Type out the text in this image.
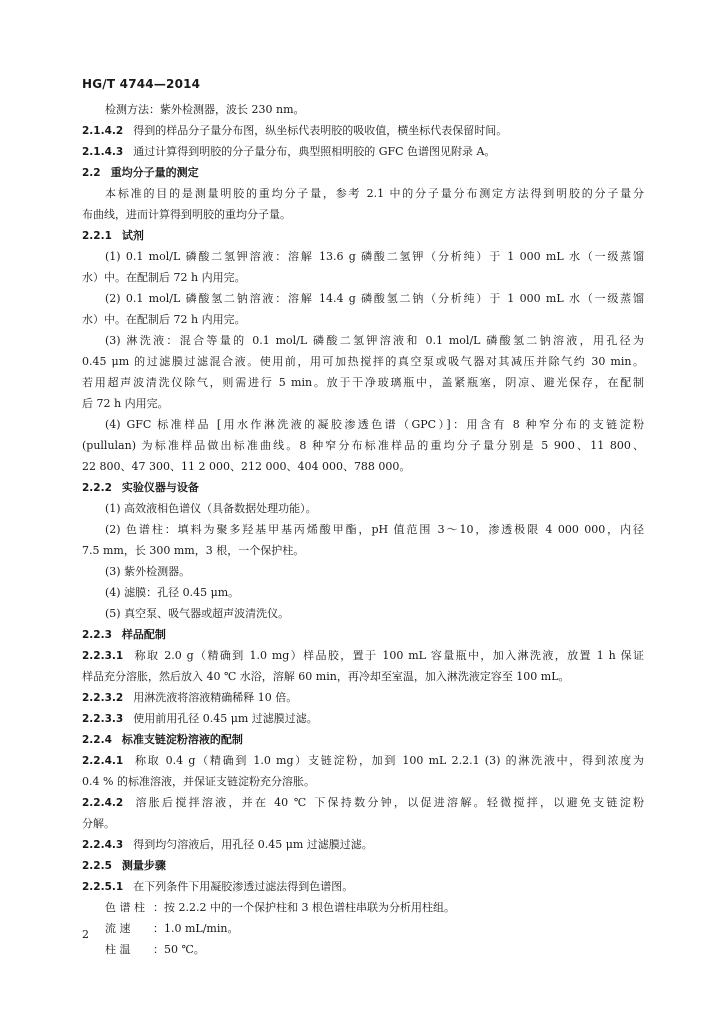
HG/T 4744—2014
检测方法：紫外检测器，波长 230 nm。
2.1.4.2 得到的样品分子量分布图，纵坐标代表明胶的吸收值，横坐标代表保留时间。
2.1.4.3 通过计算得到明胶的分子量分布，典型照相明胶的 GFC 色谱图见附录 A。
2.2 重均分子量的测定
本标准的目的是测量明胶的重均分子量，参考 2.1 中的分子量分布测定方法得到明胶的分子量分
布曲线，进而计算得到明胶的重均分子量。
2.2.1 试剂
(1) 0.1 mol/L 磷酸二氢钾溶液：溶解 13.6 g 磷酸二氢钾（分析纯）于 1 000 mL 水（一级蒸馏
水）中。在配制后 72 h 内用完。
(2) 0.1 mol/L 磷酸氢二钠溶液：溶解 14.4 g 磷酸氢二钠（分析纯）于 1 000 mL 水（一级蒸馏
水）中。在配制后 72 h 内用完。
(3) 淋洗液：混合等量的 0.1 mol/L 磷酸二氢钾溶液和 0.1 mol/L 磷酸氢二钠溶液，用孔径为
0.45 μm 的过滤膜过滤混合液。使用前，用可加热搅拌的真空泵或吸气器对其减压并除气约 30 min。
若用超声波清洗仪除气，则需进行 5 min。放于干净玻璃瓶中，盖紧瓶塞，阴凉、避光保存，在配制
后 72 h 内用完。
(4) GFC 标准样品 [用水作淋洗液的凝胶渗透色谱（GPC）]：用含有 8 种窄分布的支链淀粉
(pullulan) 为标准样品做出标准曲线。8 种窄分布标准样品的重均分子量分别是 5 900、11 800、
22 800、47 300、11 2 000、212 000、404 000、788 000。
2.2.2 实验仪器与设备
(1) 高效液相色谱仪（具备数据处理功能）。
(2) 色谱柱：填料为聚多羟基甲基丙烯酸甲酯，pH 值范围 3～10，渗透极限 4 000 000，内径
7.5 mm，长 300 mm，3 根，一个保护柱。
(3) 紫外检测器。
(4) 滤膜：孔径 0.45 μm。
(5) 真空泵、吸气器或超声波清洗仪。
2.2.3 样品配制
2.2.3.1 称取 2.0 g（精确到 1.0 mg）样品胶，置于 100 mL 容量瓶中，加入淋洗液，放置 1 h 保证
样品充分溶胀，然后放入 40 ℃ 水浴，溶解 60 min，再冷却至室温，加入淋洗液定容至 100 mL。
2.2.3.2 用淋洗液将溶液精确稀释 10 倍。
2.2.3.3 使用前用孔径 0.45 μm 过滤膜过滤。
2.2.4 标准支链淀粉溶液的配制
2.2.4.1 称取 0.4 g（精确到 1.0 mg）支链淀粉，加到 100 mL 2.2.1 (3) 的淋洗液中，得到浓度为
0.4 % 的标准溶液，并保证支链淀粉充分溶胀。
2.2.4.2 溶胀后搅拌溶液，并在 40 ℃ 下保持数分钟，以促进溶解。轻微搅拌，以避免支链淀粉
分解。
2.2.4.3 得到均匀溶液后，用孔径 0.45 μm 过滤膜过滤。
2.2.5 测量步骤
2.2.5.1 在下列条件下用凝胶渗透过滤法得到色谱图。
色 谱 柱 ：按 2.2.2 中的一个保护柱和 3 根色谱柱串联为分析用柱组。
流 速 ：1.0 mL/min。
柱 温 ：50 ℃。
2
